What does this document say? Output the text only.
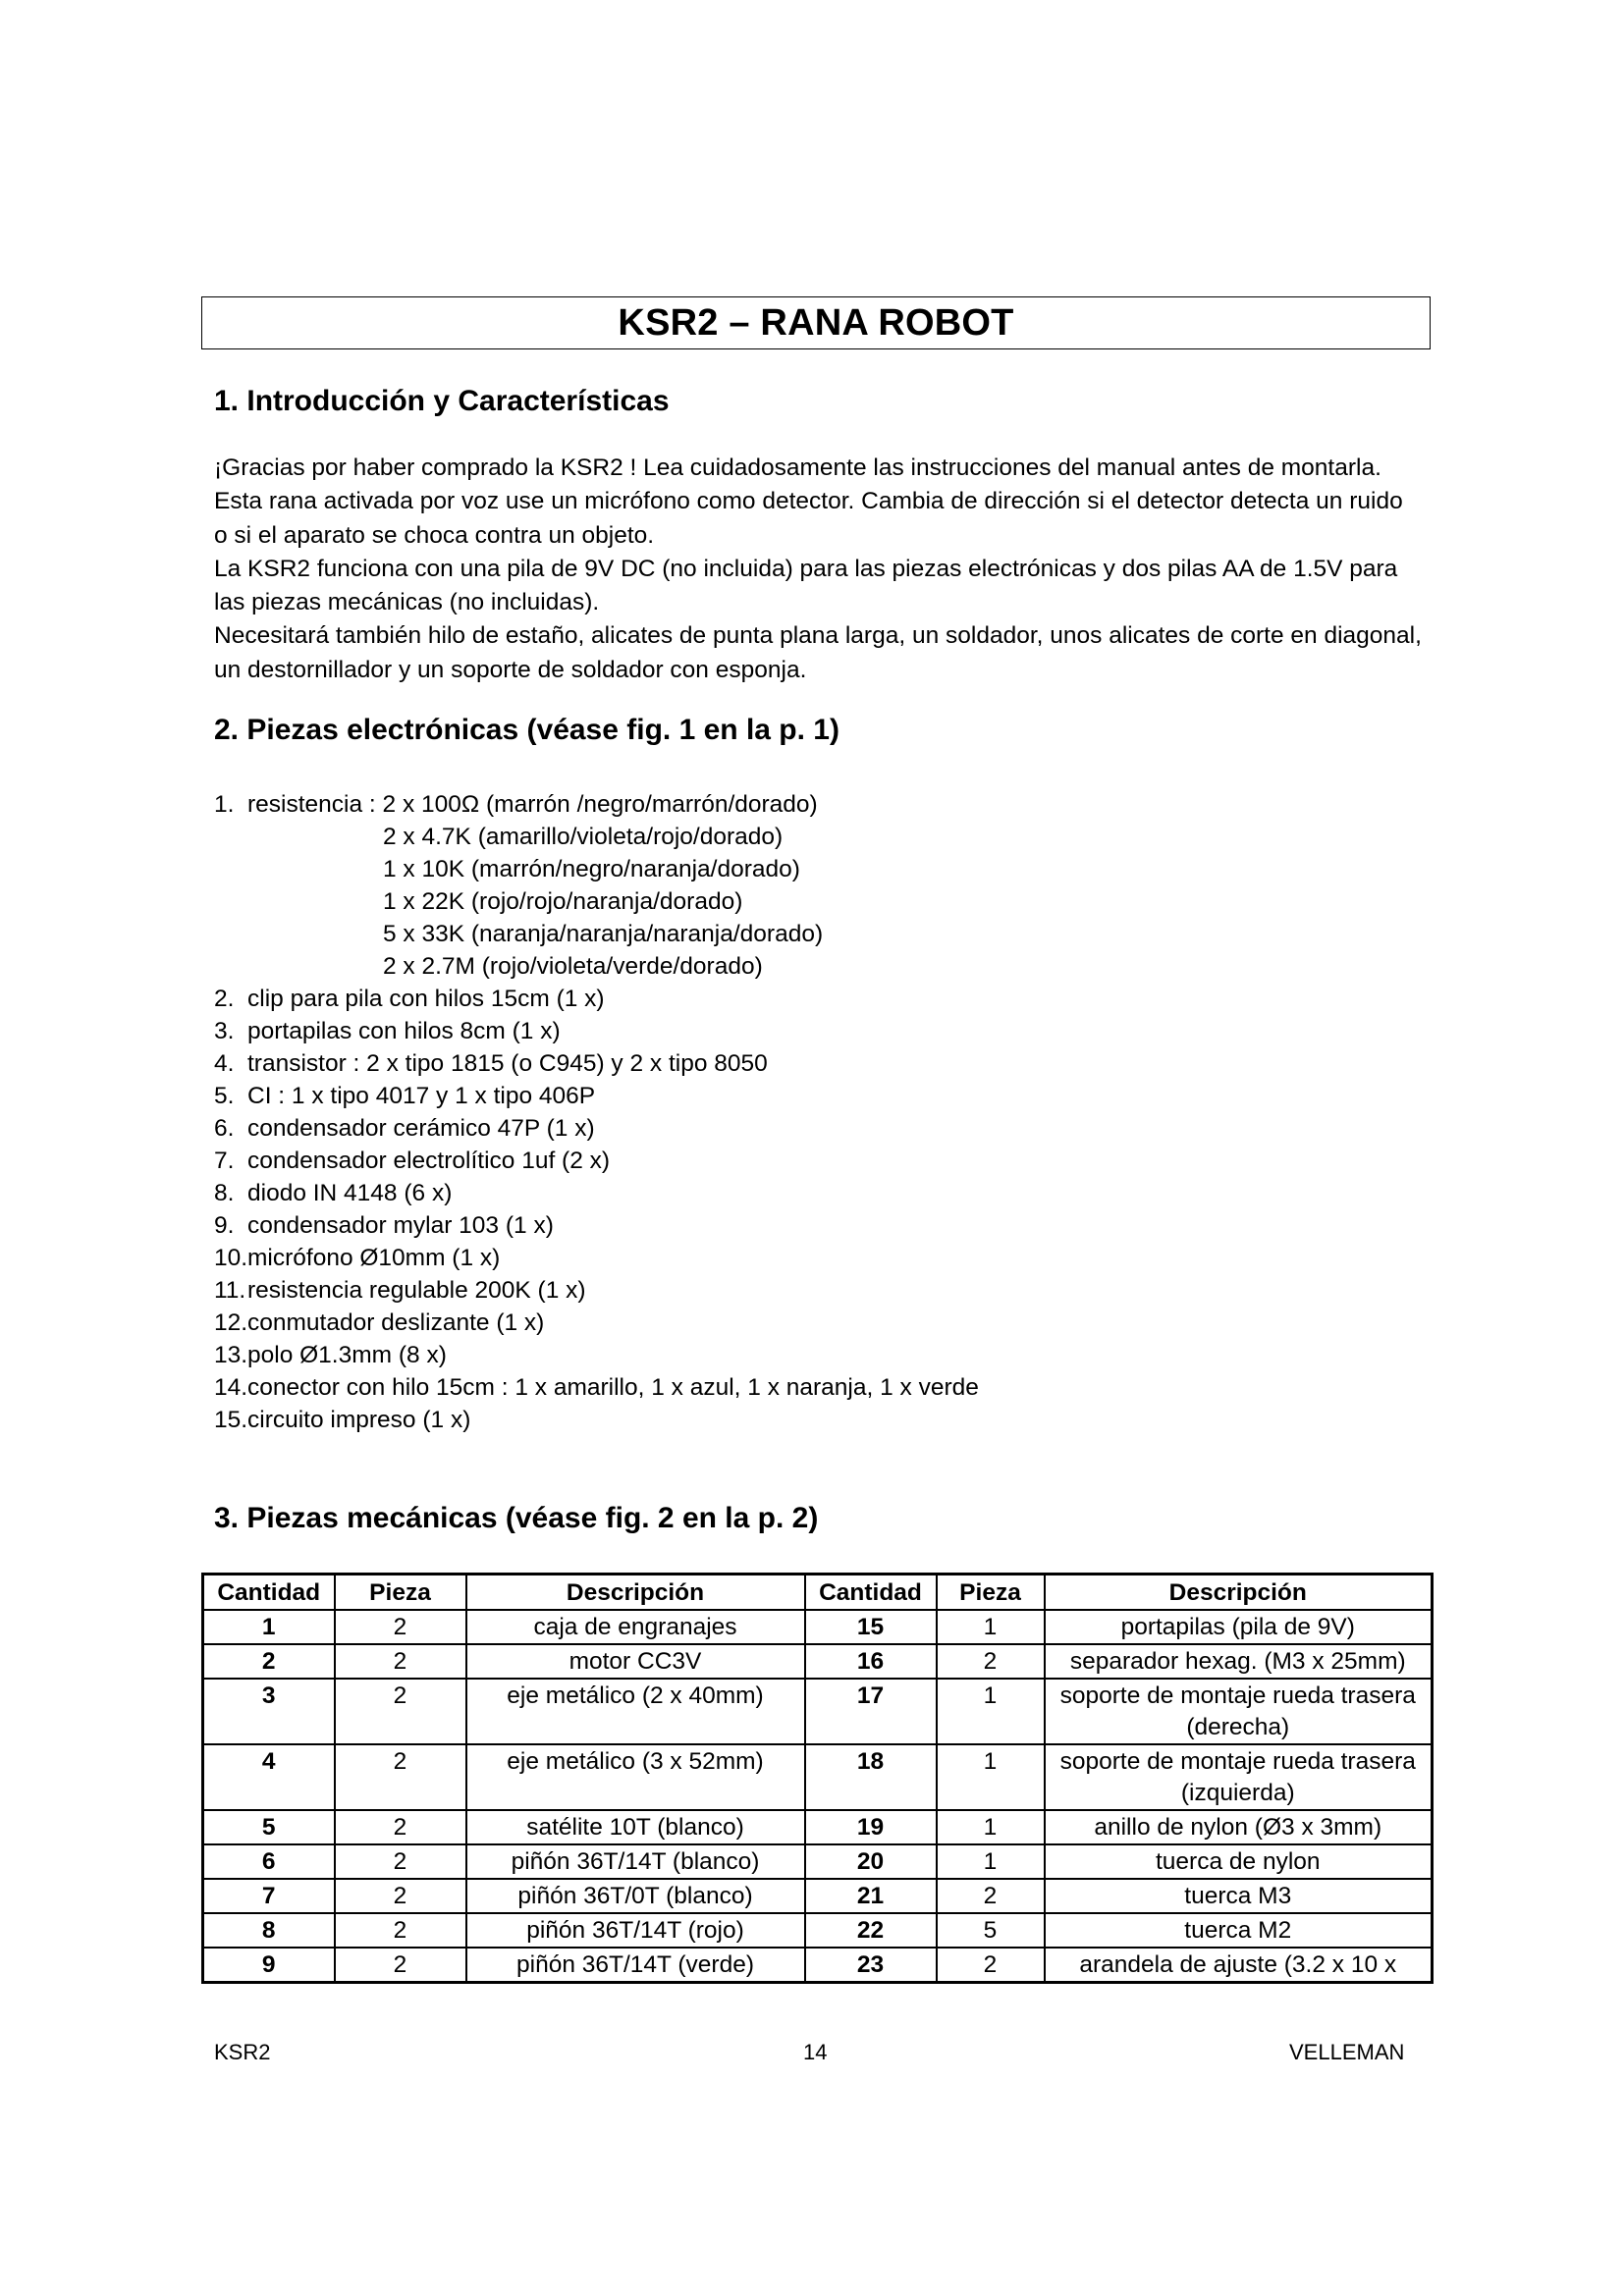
KSR2 – RANA ROBOT
1. Introducción y Características

¡Gracias por haber comprado la KSR2 ! Lea cuidadosamente las instrucciones del manual antes de montarla.

Esta rana activada por voz use un micrófono como detector. Cambia de dirección si el detector detecta un ruido o si el aparato se choca contra un objeto.

La KSR2 funciona con una pila de 9V DC (no incluida) para las piezas electrónicas y dos pilas AA de 1.5V para las piezas mecánicas (no incluidas).

Necesitará también hilo de estaño, alicates de punta plana larga, un soldador, unos alicates de corte en diagonal, un destornillador y un soporte de soldador con esponja.

2. Piezas electrónicas (véase fig. 1 en la p. 1)
1. resistencia : 2 x 100Ω (marrón /negro/marrón/dorado)
2 x 4.7K (amarillo/violeta/rojo/dorado)
1 x 10K (marrón/negro/naranja/dorado)
1 x 22K (rojo/rojo/naranja/dorado)
5 x 33K (naranja/naranja/naranja/dorado)
2 x 2.7M (rojo/violeta/verde/dorado)
2. clip para pila con hilos 15cm (1 x)
3. portapilas con hilos 8cm (1 x)
4. transistor : 2 x tipo 1815 (o C945) y 2 x tipo 8050
5. CI : 1 x tipo 4017 y 1 x tipo 406P
6. condensador cerámico 47P (1 x)
7. condensador electrolítico 1uf (2 x)
8. diodo IN 4148 (6 x)
9. condensador mylar 103 (1 x)
10. micrófono Ø10mm (1 x)
11. resistencia regulable 200K (1 x)
12. conmutador deslizante (1 x)
13. polo Ø1.3mm (8 x)
14. conector con hilo 15cm : 1 x amarillo, 1 x azul, 1 x naranja, 1 x verde
15. circuito impreso (1 x)
3. Piezas mecánicas (véase fig. 2 en la p. 2)
Cantidad	Pieza	Descripción	Cantidad	Pieza	Descripción
1	2	caja de engranajes	15	1	portapilas (pila de 9V)
2	2	motor CC3V	16	2	separador hexag. (M3 x 25mm)
3	2	eje metálico (2 x 40mm)	17	1	soporte de montaje rueda trasera (derecha)
4	2	eje metálico (3 x 52mm)	18	1	soporte de montaje rueda trasera (izquierda)
5	2	satélite 10T (blanco)	19	1	anillo de nylon (Ø3 x 3mm)
6	2	piñón 36T/14T (blanco)	20	1	tuerca de nylon
7	2	piñón 36T/0T (blanco)	21	2	tuerca M3
8	2	piñón 36T/14T (rojo)	22	5	tuerca M2
9	2	piñón 36T/14T (verde)	23	2	arandela de ajuste (3.2 x 10 x
KSR2	14	VELLEMAN
